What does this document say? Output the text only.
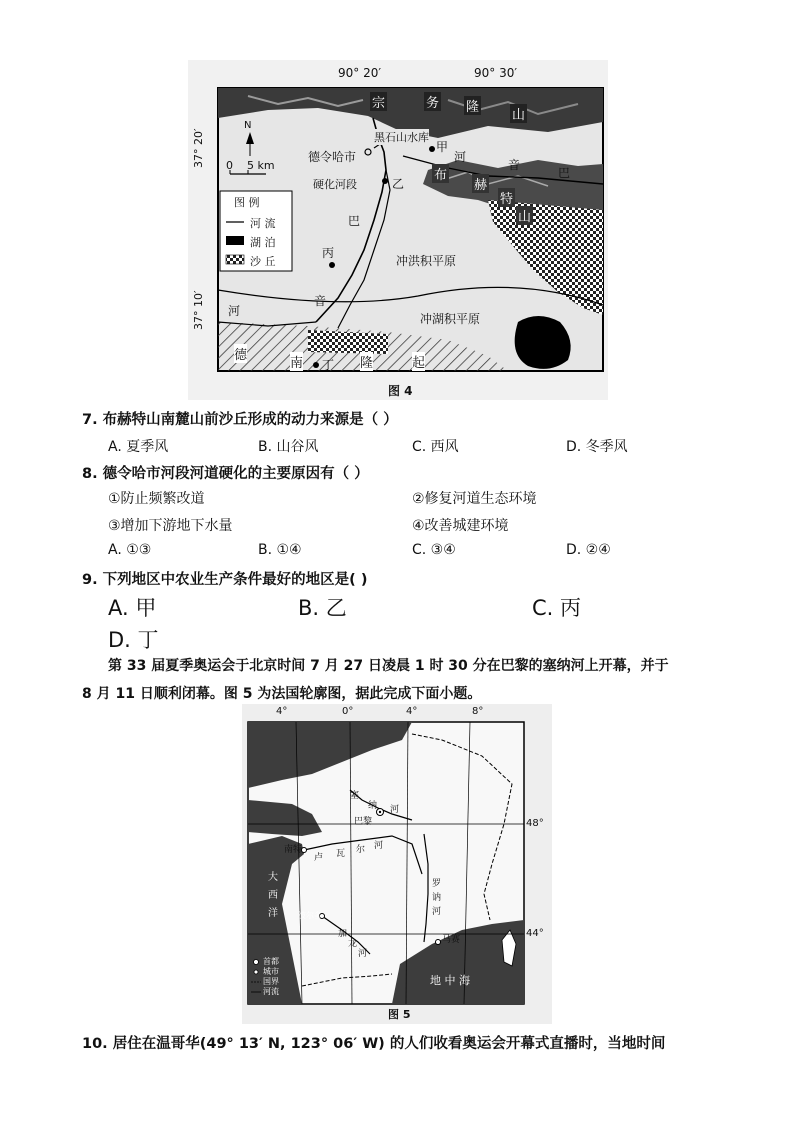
90° 20′	90° 30′
37° 20′
37° 10′
N
0    5 km
宗	务 隆
山
黑石山水库
德令哈市
硬化河段
甲
乙
丙
丁
河
音
巴
巴
音
河
布
赫
特
山
冲洪积平原
冲湖积平原
德
南	隆	起
图 例
河 流
湖 泊
沙 丘
图 4
7. 布赫特山南麓山前沙丘形成的动力来源是（ ）
A. 夏季风	B. 山谷风	C. 西风	D. 冬季风
8. 德令哈市河段河道硬化的主要原因有（ ）
①防止频繁改道	②修复河道生态环境
③增加下游地下水量	④改善城建环境
A. ①③	B. ①④	C. ③④	D. ②④
9. 下列地区中农业生产条件最好的地区是( )
A. 甲	B. 乙	C. 丙
D. 丁
第 33 届夏季奥运会于北京时间 7 月 27 日凌晨 1 时 30 分在巴黎的塞纳河上开幕，并于
8 月 11 日顺利闭幕。图 5 为法国轮廓图，据此完成下面小题。
4°	0°	4°	8°
48°
44°
巴黎
塞
纳 河
南特
卢 瓦 尔 河
罗
讷
河
波尔多
加
龙
河
马赛
地 中 海
大
西
洋
首都
城市
国界
河流
图 5
10. 居住在温哥华(49° 13′ N, 123° 06′ W) 的人们收看奥运会开幕式直播时，当地时间
